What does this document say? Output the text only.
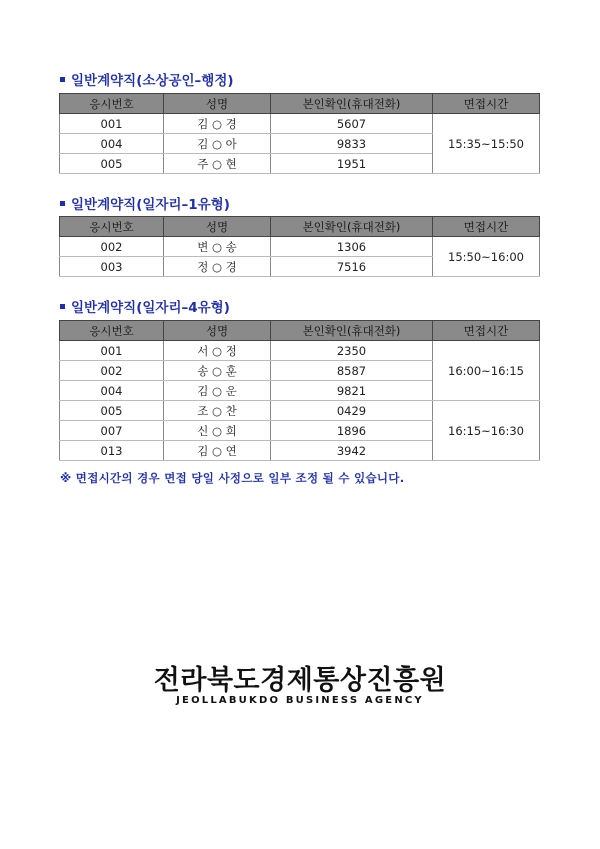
일반계약직(소상공인–행정)
응시번호	성명	본인확인(휴대전화)	면접시간
001	김 ○ 경	5607	15:35~15:50
004	김 ○ 아	9833	
005	주 ○ 현	1951	
일반계약직(일자리–1유형)
응시번호	성명	본인확인(휴대전화)	면접시간
002	변 ○ 송	1306	15:50~16:00
003	정 ○ 경	7516	
일반계약직(일자리–4유형)
응시번호	성명	본인확인(휴대전화)	면접시간
001	서 ○ 정	2350	16:00~16:15
002	송 ○ 훈	8587	
004	김 ○ 운	9821	
005	조 ○ 찬	0429	16:15~16:30
007	신 ○ 희	1896	
013	김 ○ 연	3942	
※ 면접시간의 경우 면접 당일 사정으로 일부 조정 될 수 있습니다.
전라북도경제통상진흥원
JEOLLABUKDO BUSINESS AGENCY
